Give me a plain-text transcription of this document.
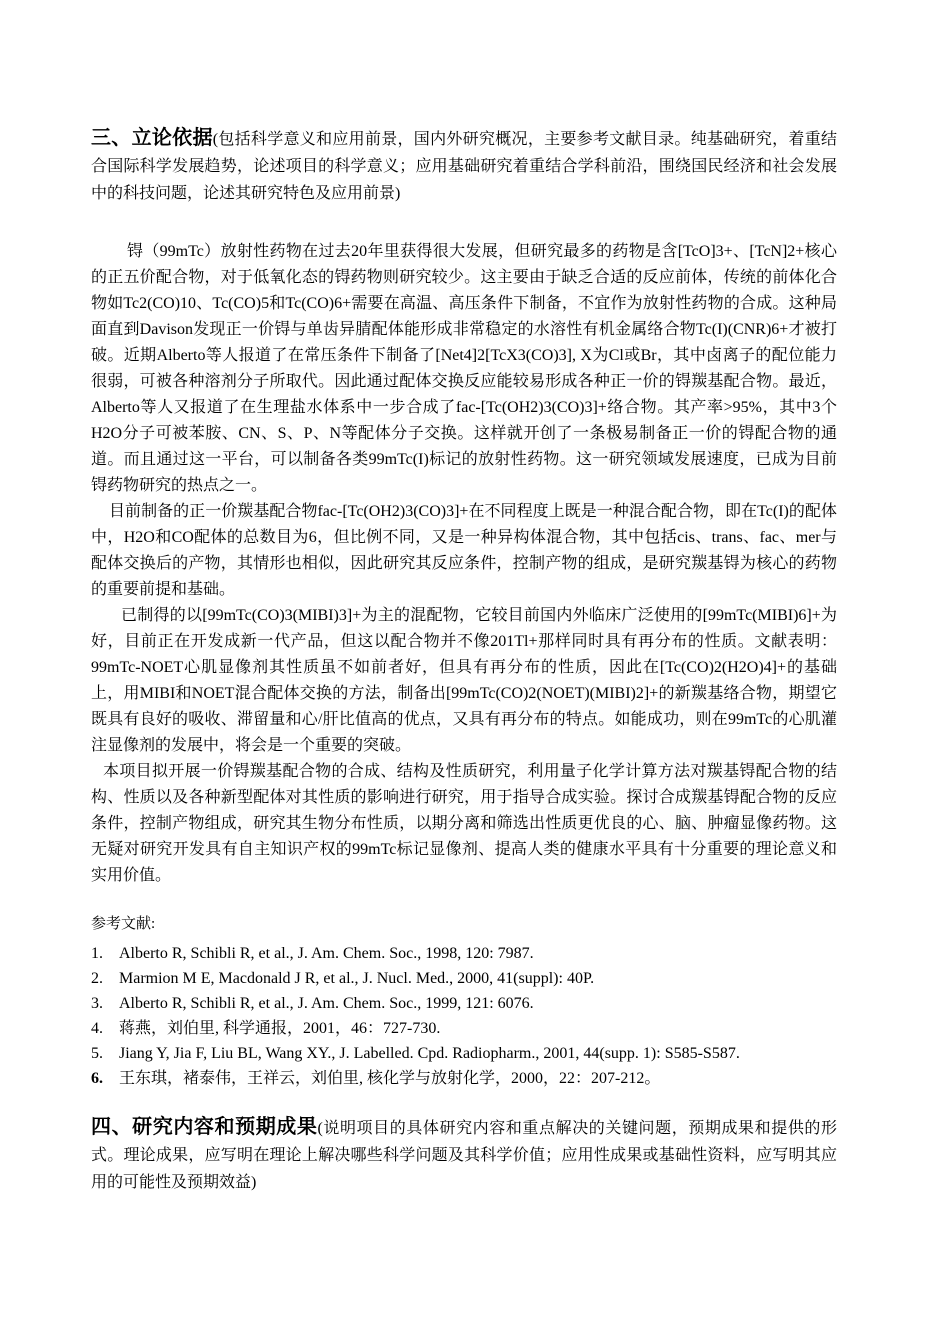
三、立论依据(包括科学意义和应用前景，国内外研究概况，主要参考文献目录。纯基础研究，着重结合国际科学发展趋势，论述项目的科学意义；应用基础研究着重结合学科前沿，围绕国民经济和社会发展中的科技问题，论述其研究特色及应用前景)

锝（99mTc）放射性药物在过去20年里获得很大发展，但研究最多的药物是含[TcO]3+、[TcN]2+核心的正五价配合物，对于低氧化态的锝药物则研究较少。这主要由于缺乏合适的反应前体，传统的前体化合物如Tc2(CO)10、Tc(CO)5和Tc(CO)6+需要在高温、高压条件下制备，不宜作为放射性药物的合成。这种局面直到Davison发现正一价锝与单齿异腈配体能形成非常稳定的水溶性有机金属络合物Tc(I)(CNR)6+才被打破。近期Alberto等人报道了在常压条件下制备了[Net4]2[TcX3(CO)3], X为Cl或Br，其中卤离子的配位能力很弱，可被各种溶剂分子所取代。因此通过配体交换反应能较易形成各种正一价的锝羰基配合物。最近，Alberto等人又报道了在生理盐水体系中一步合成了fac-[Tc(OH2)3(CO)3]+络合物。其产率>95%，其中3个H2O分子可被苯胺、CN、S、P、N等配体分子交换。这样就开创了一条极易制备正一价的锝配合物的通道。而且通过这一平台，可以制备各类99mTc(I)标记的放射性药物。这一研究领域发展速度，已成为目前锝药物研究的热点之一。

目前制备的正一价羰基配合物fac-[Tc(OH2)3(CO)3]+在不同程度上既是一种混合配合物，即在Tc(I)的配体中，H2O和CO配体的总数目为6，但比例不同，又是一种异构体混合物，其中包括cis、trans、fac、mer与配体交换后的产物，其情形也相似，因此研究其反应条件，控制产物的组成，是研究羰基锝为核心的药物的重要前提和基础。

已制得的以[99mTc(CO)3(MIBI)3]+为主的混配物，它较目前国内外临床广泛使用的[99mTc(MIBI)6]+为好，目前正在开发成新一代产品，但这以配合物并不像201Tl+那样同时具有再分布的性质。文献表明：99mTc-NOET心肌显像剂其性质虽不如前者好，但具有再分布的性质，因此在[Tc(CO)2(H2O)4]+的基础上，用MIBI和NOET混合配体交换的方法，制备出[99mTc(CO)2(NOET)(MIBI)2]+的新羰基络合物，期望它既具有良好的吸收、滞留量和心/肝比值高的优点，又具有再分布的特点。如能成功，则在99mTc的心肌灌注显像剂的发展中，将会是一个重要的突破。

本项目拟开展一价锝羰基配合物的合成、结构及性质研究，利用量子化学计算方法对羰基锝配合物的结构、性质以及各种新型配体对其性质的影响进行研究，用于指导合成实验。探讨合成羰基锝配合物的反应条件，控制产物组成，研究其生物分布性质，以期分离和筛选出性质更优良的心、脑、肿瘤显像药物。这无疑对研究开发具有自主知识产权的99mTc标记显像剂、提高人类的健康水平具有十分重要的理论意义和实用价值。

参考文献:
1. Alberto R, Schibli R, et al., J. Am. Chem. Soc., 1998, 120: 7987.
2. Marmion M E, Macdonald J R, et al., J. Nucl. Med., 2000, 41(suppl): 40P.
3. Alberto R, Schibli R, et al., J. Am. Chem. Soc., 1999, 121: 6076.
4. 蒋燕，刘伯里, 科学通报，2001，46：727-730.
5. Jiang Y, Jia F, Liu BL, Wang XY., J. Labelled. Cpd. Radiopharm., 2001, 44(supp. 1): S585-S587.
6. 王东琪，褚泰伟，王祥云，刘伯里, 核化学与放射化学，2000，22：207-212。

四、研究内容和预期成果(说明项目的具体研究内容和重点解决的关键问题，预期成果和提供的形式。理论成果，应写明在理论上解决哪些科学问题及其科学价值；应用性成果或基础性资料，应写明其应用的可能性及预期效益)
